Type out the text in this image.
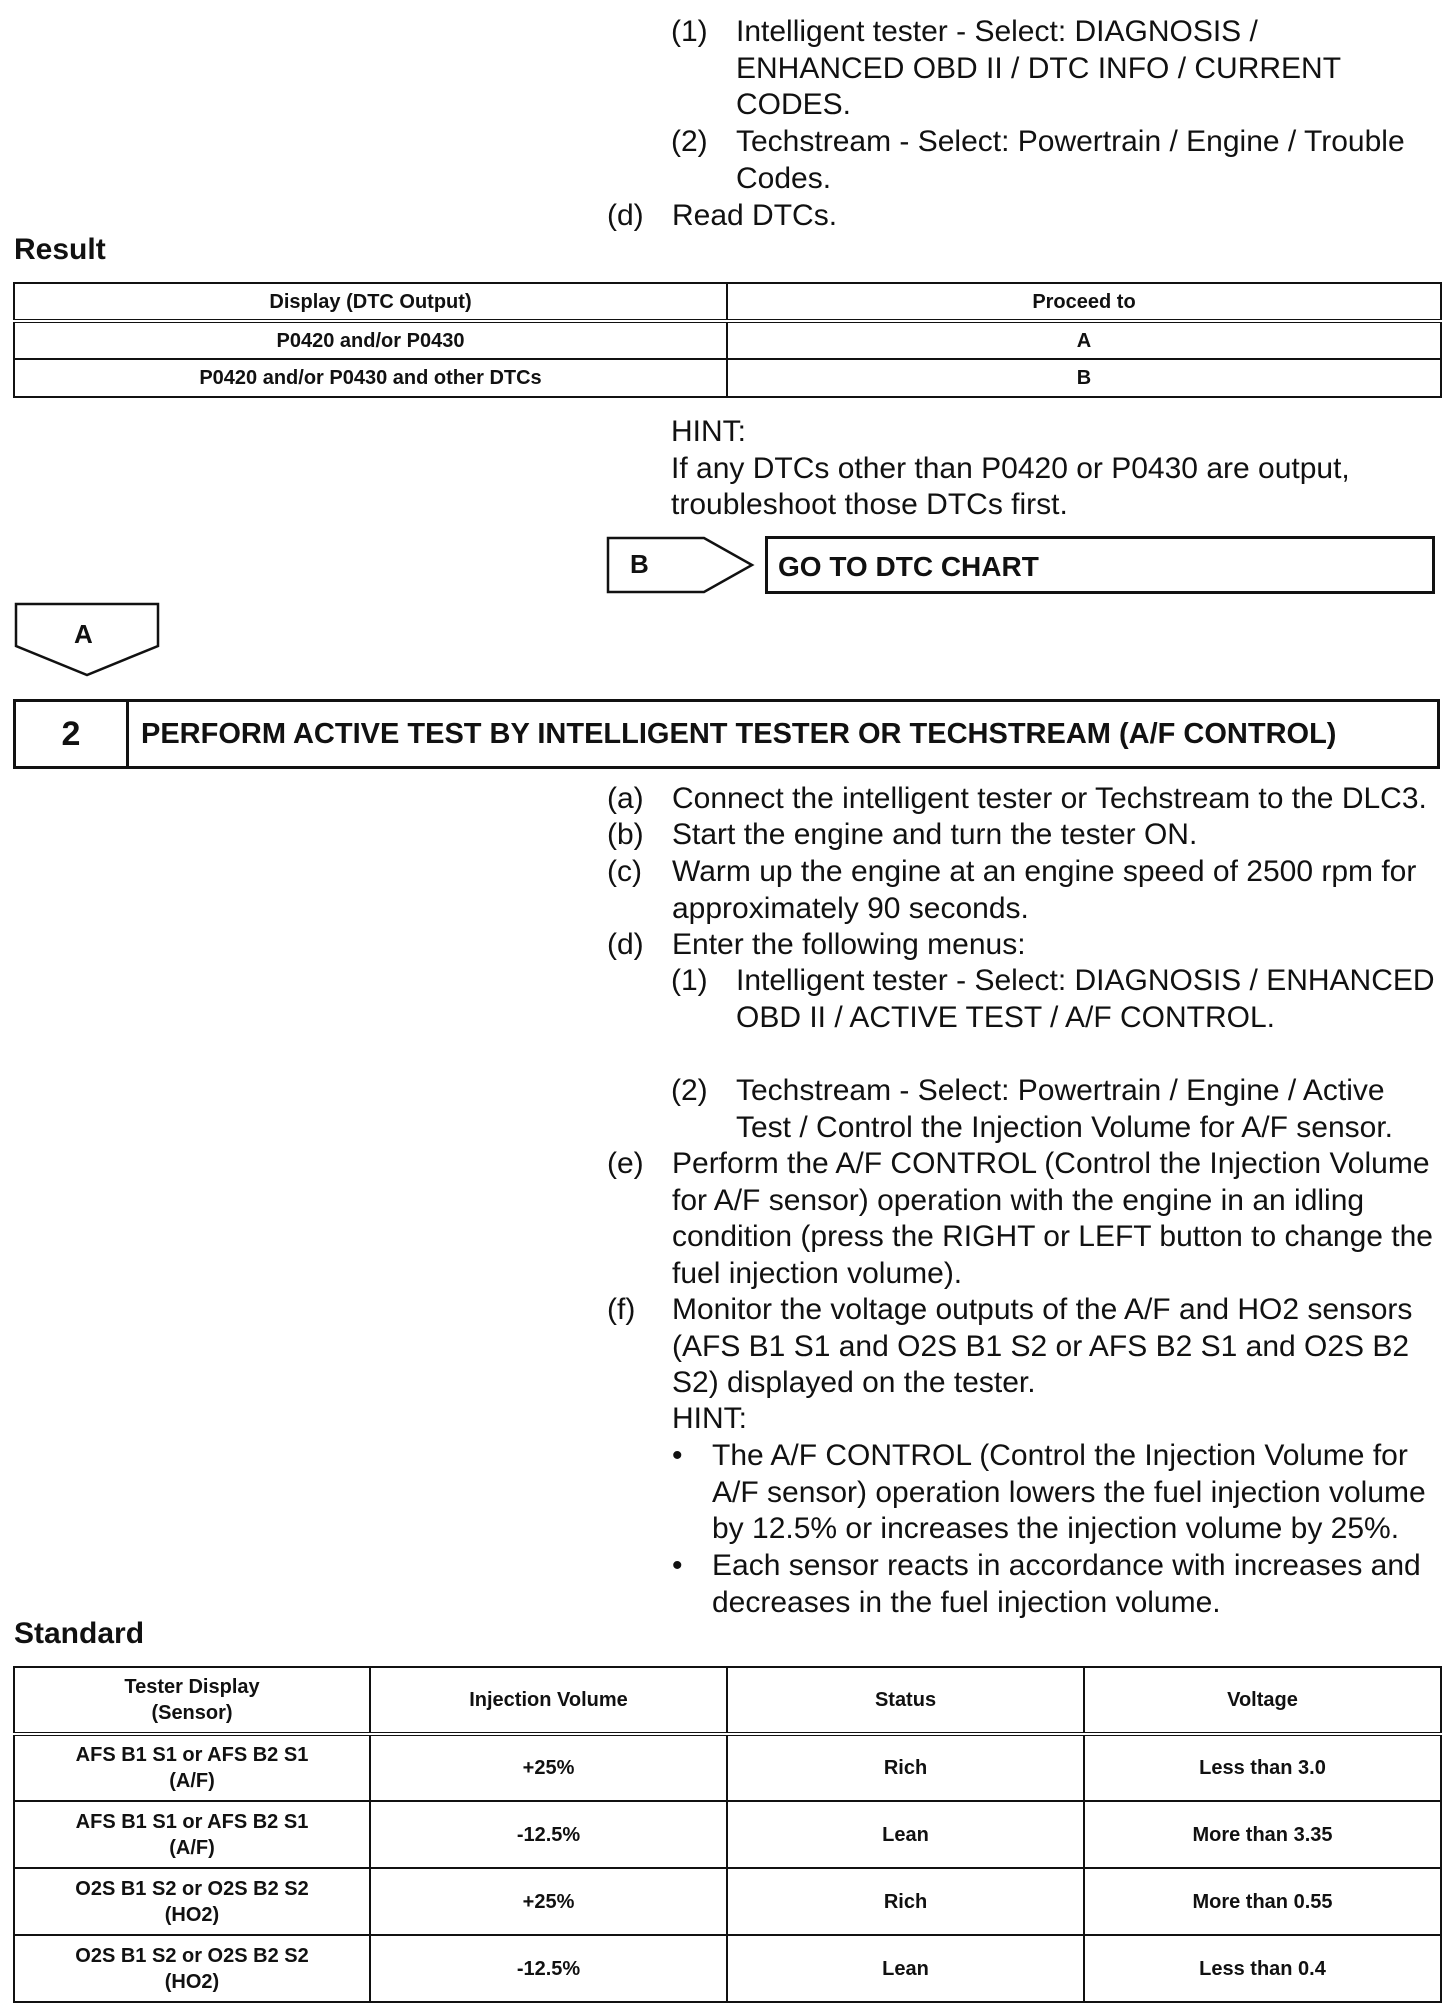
(1) Intelligent tester - Select: DIAGNOSIS / ENHANCED OBD II / DTC INFO / CURRENT CODES.
(2) Techstream - Select: Powertrain / Engine / Trouble Codes.
(d) Read DTCs.
Result
Display (DTC Output)	Proceed to
P0420 and/or P0430	A
P0420 and/or P0430 and other DTCs	B
HINT:
If any DTCs other than P0420 or P0430 are output, troubleshoot those DTCs first.
B	GO TO DTC CHART
A
2	PERFORM ACTIVE TEST BY INTELLIGENT TESTER OR TECHSTREAM (A/F CONTROL)
(a) Connect the intelligent tester or Techstream to the DLC3.
(b) Start the engine and turn the tester ON.
(c)	Warm up the engine at an engine speed of 2500 rpm for approximately 90 seconds.
(d) Enter the following menus:
(1) Intelligent tester - Select: DIAGNOSIS / ENHANCED OBD II / ACTIVE TEST / A/F CONTROL.
(2) Techstream - Select: Powertrain / Engine / Active Test / Control the Injection Volume for A/F sensor.
(e) Perform the A/F CONTROL (Control the Injection Volume for A/F sensor) operation with the engine in an idling condition (press the RIGHT or LEFT button to change the fuel injection volume).
(f)	Monitor the voltage outputs of the A/F and HO2 sensors (AFS B1 S1 and O2S B1 S2 or AFS B2 S1 and O2S B2 S2) displayed on the tester.
HINT:
• The A/F CONTROL (Control the Injection Volume for A/F sensor) operation lowers the fuel injection volume by 12.5% or increases the injection volume by 25%.
• Each sensor reacts in accordance with increases and decreases in the fuel injection volume.
Standard
Tester Display (Sensor)	Injection Volume	Status	Voltage

AFS B1 S1 or AFS B2 S1 (A/F)	+25%	Rich	Less than 3.0

AFS B1 S1 or AFS B2 S1 (A/F)	-12.5%	Lean	More than 3.35

O2S B1 S2 or O2S B2 S2 (HO2)	+25%	Rich	More than 0.55

O2S B1 S2 or O2S B2 S2 (HO2)	-12.5%	Lean	Less than 0.4
